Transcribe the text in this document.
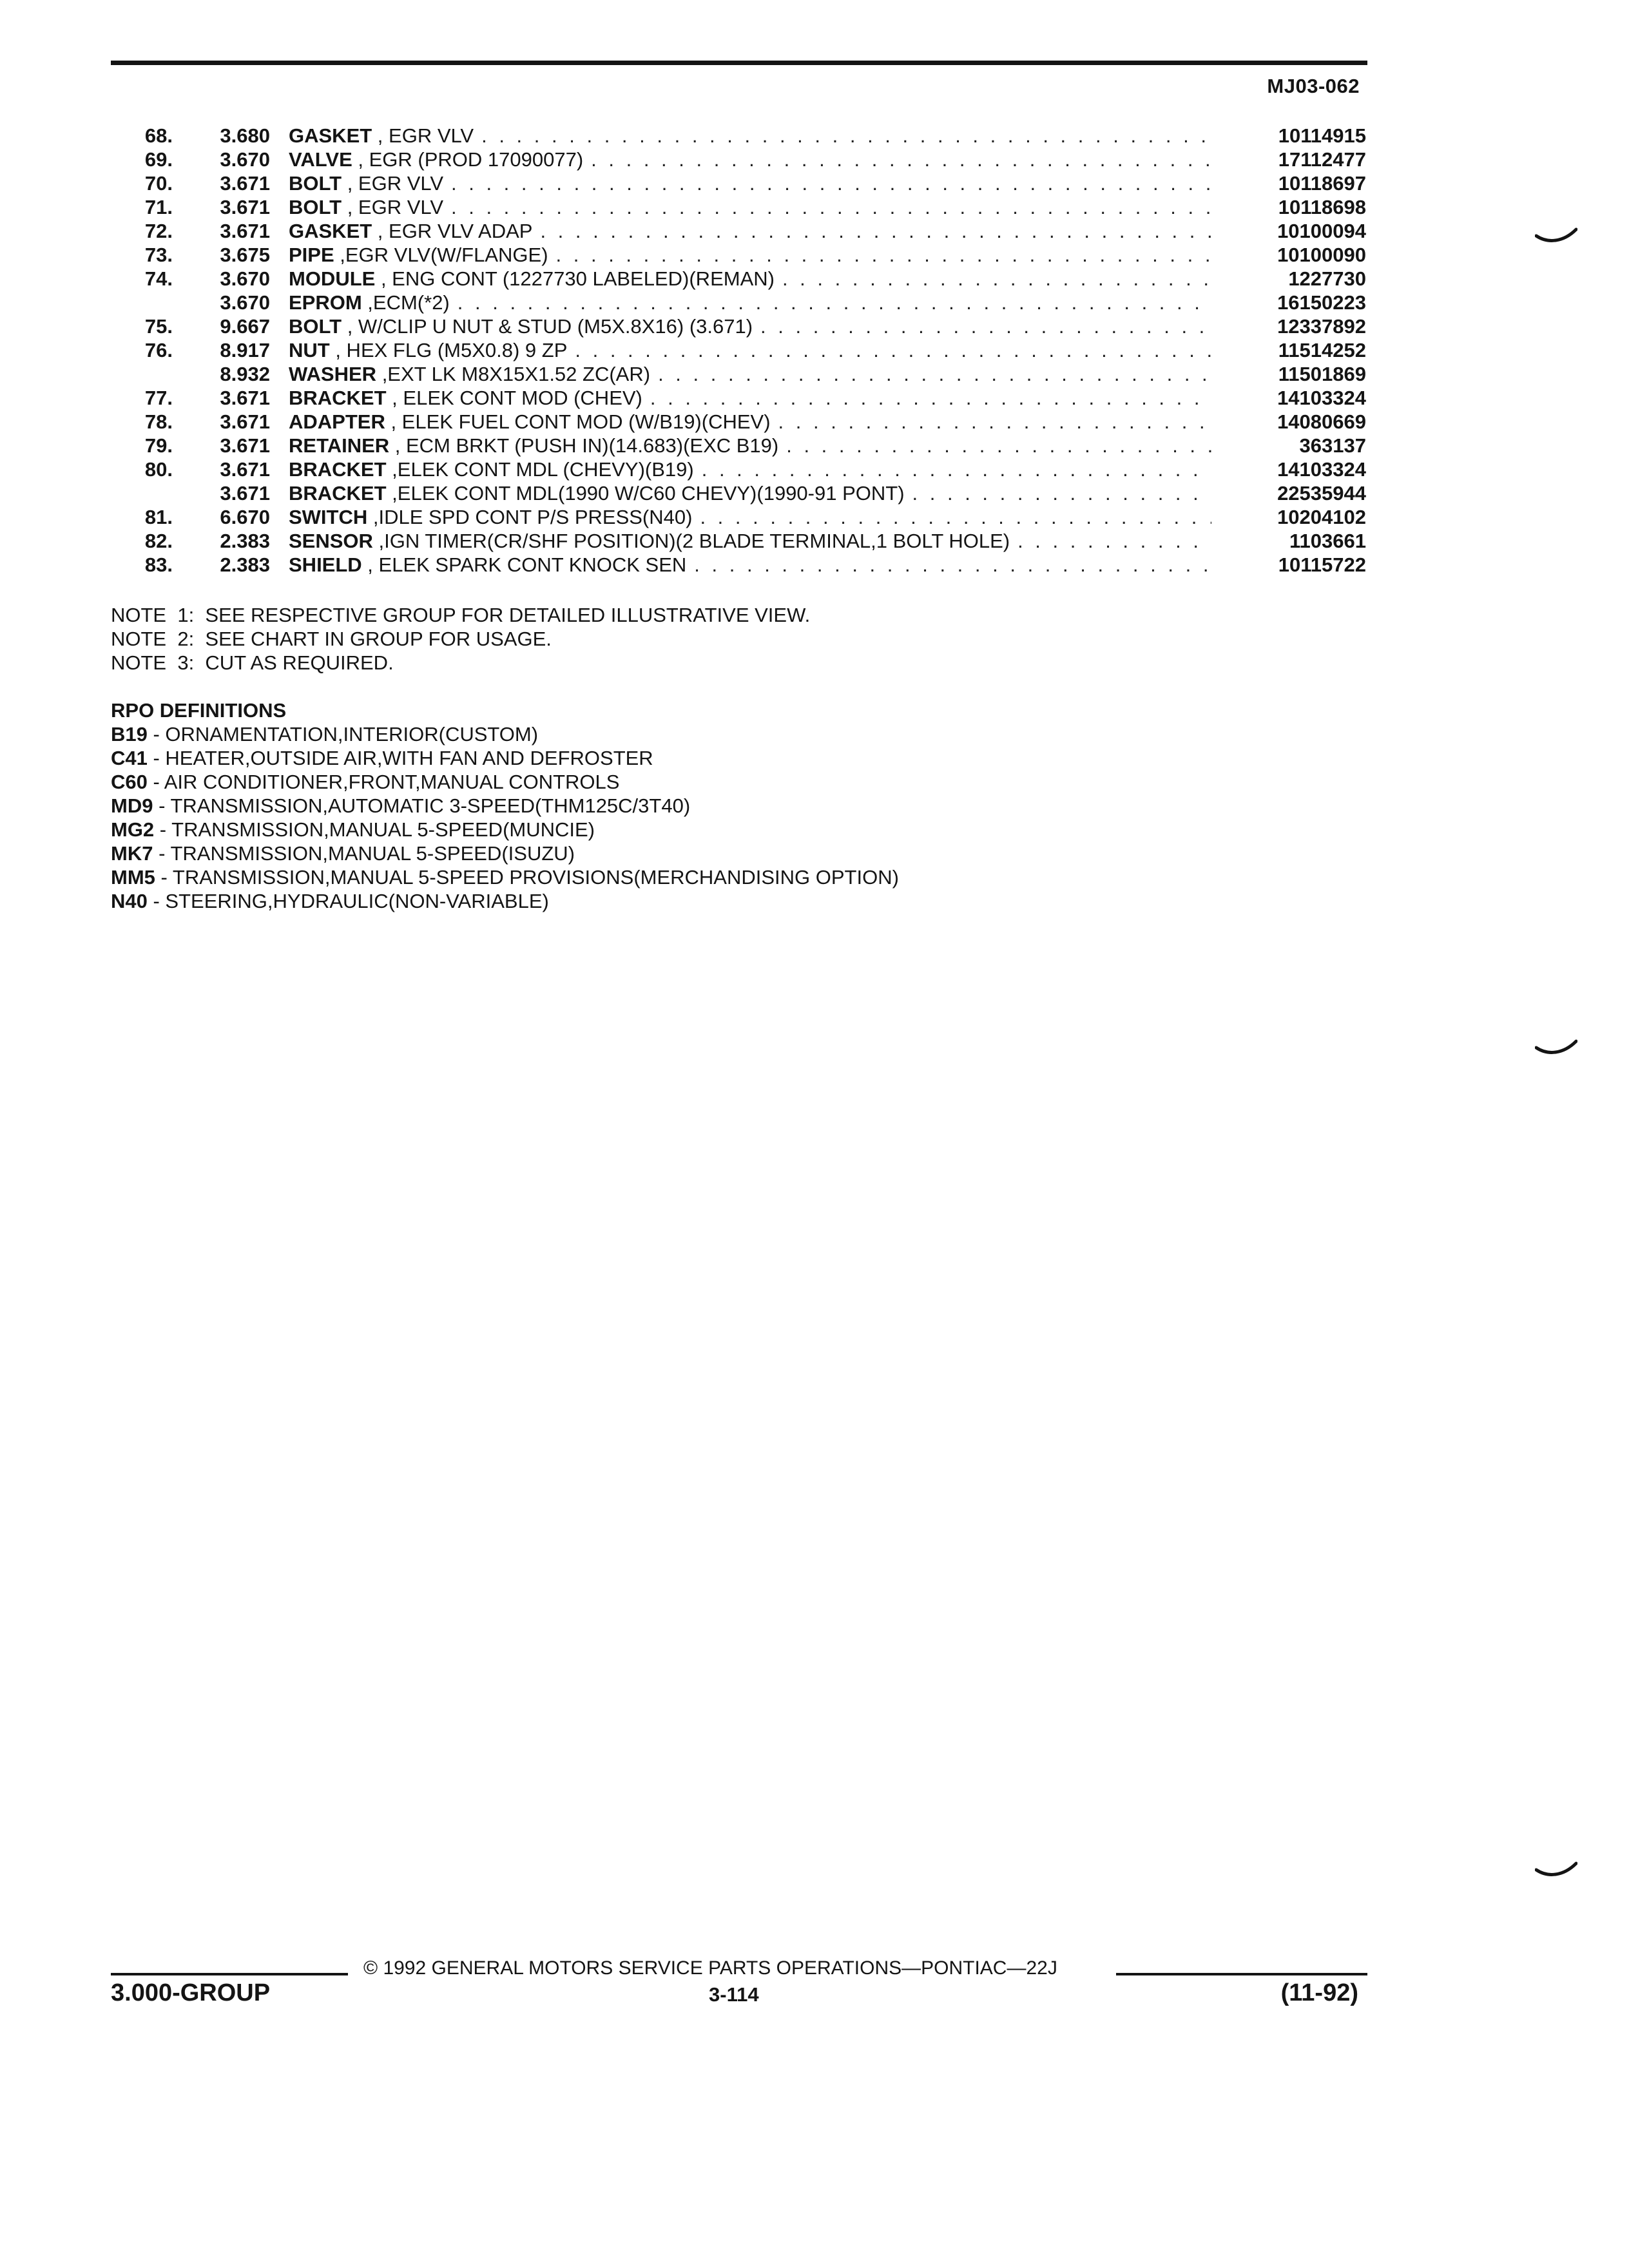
MJ03-062
68.	3.680 GASKET , EGR VLV . . .	10114915
69.	3.670 VALVE , EGR (PROD 17090077) . . .	17112477
70.	3.671 BOLT , EGR VLV . . .	10118697
71.	3.671 BOLT , EGR VLV . . .	10118698
72.	3.671 GASKET , EGR VLV ADAP . . .	10100094
73.	3.675 PIPE ,EGR VLV(W/FLANGE) . . .	10100090
74.	3.670 MODULE , ENG CONT (1227730 LABELED)(REMAN) . . .	1227730
3.670 EPROM ,ECM(*2) . . .	16150223
75.	9.667 BOLT , W/CLIP U NUT & STUD (M5X.8X16) (3.671) . . .	12337892
76.	8.917 NUT , HEX FLG (M5X0.8) 9 ZP . . .	11514252
8.932 WASHER ,EXT LK M8X15X1.52 ZC(AR) . . .	11501869
77.	3.671 BRACKET , ELEK CONT MOD (CHEV) . . .	14103324
78.	3.671 ADAPTER , ELEK FUEL CONT MOD (W/B19)(CHEV) . . .	14080669
79.	3.671 RETAINER , ECM BRKT (PUSH IN)(14.683)(EXC B19) . . .	363137
80.	3.671 BRACKET ,ELEK CONT MDL (CHEVY)(B19) . . .	14103324
3.671 BRACKET ,ELEK CONT MDL(1990 W/C60 CHEVY)(1990-91 PONT) . . .	22535944
81.	6.670 SWITCH ,IDLE SPD CONT P/S PRESS(N40) . . .	10204102
82.	2.383 SENSOR ,IGN TIMER(CR/SHF POSITION)(2 BLADE TERMINAL,1 BOLT HOLE) . . .	1103661
83.	2.383 SHIELD , ELEK SPARK CONT KNOCK SEN . . .	10115722
NOTE  1:  SEE RESPECTIVE GROUP FOR DETAILED ILLUSTRATIVE VIEW.
NOTE  2:  SEE CHART IN GROUP FOR USAGE.
NOTE  3:  CUT AS REQUIRED.
RPO DEFINITIONS
B19 - ORNAMENTATION,INTERIOR(CUSTOM)
C41 - HEATER,OUTSIDE AIR,WITH FAN AND DEFROSTER
C60 - AIR CONDITIONER,FRONT,MANUAL CONTROLS
MD9 - TRANSMISSION,AUTOMATIC 3-SPEED(THM125C/3T40)
MG2 - TRANSMISSION,MANUAL 5-SPEED(MUNCIE)
MK7 - TRANSMISSION,MANUAL 5-SPEED(ISUZU)
MM5 - TRANSMISSION,MANUAL 5-SPEED PROVISIONS(MERCHANDISING OPTION)
N40 - STEERING,HYDRAULIC(NON-VARIABLE)
© 1992 GENERAL MOTORS SERVICE PARTS OPERATIONS—PONTIAC—22J
3.000-GROUP	3-114	(11-92)
